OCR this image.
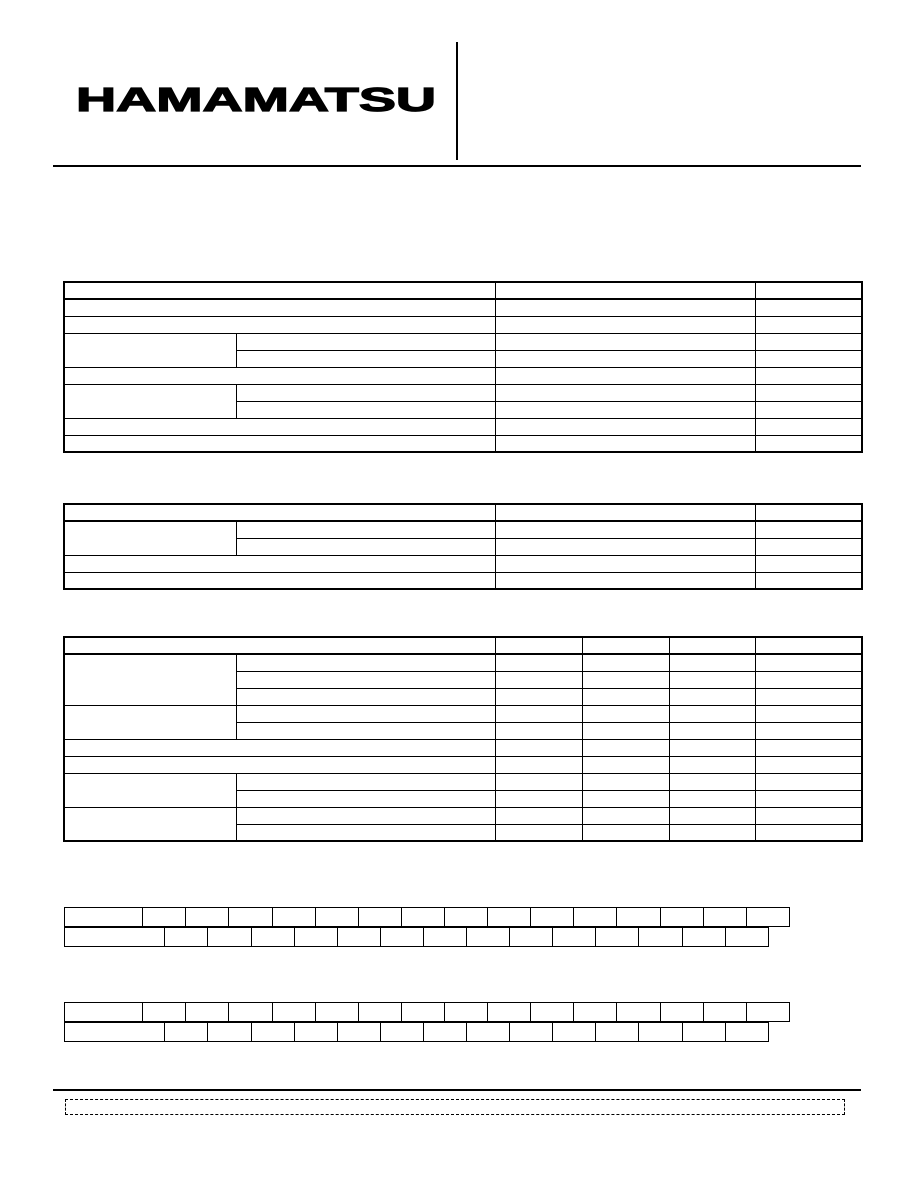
HAMAMATSU
